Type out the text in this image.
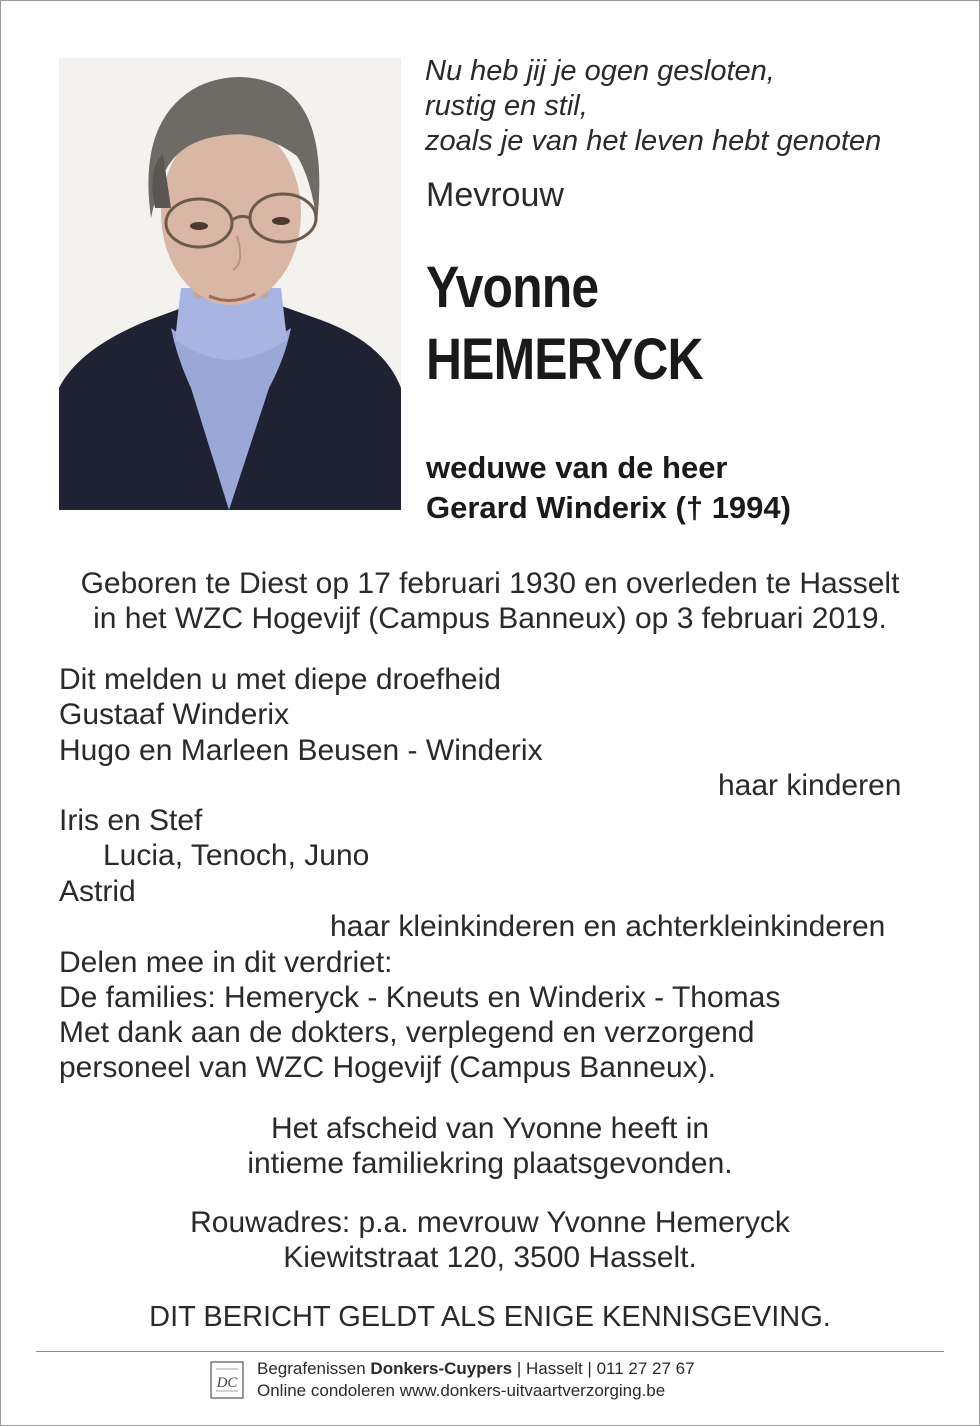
Nu heb jij je ogen gesloten,
rustig en stil,
zoals je van het leven hebt genoten
Mevrouw
Yvonne
HEMERYCK
weduwe van de heer
Gerard Winderix († 1994)
Geboren te Diest op 17 februari 1930 en overleden te Hasselt
in het WZC Hogevijf (Campus Banneux) op 3 februari 2019.
Dit melden u met diepe droefheid
Gustaaf Winderix
Hugo en Marleen Beusen - Winderix
haar kinderen
Iris en Stef
Lucia, Tenoch, Juno
Astrid
haar kleinkinderen en achterkleinkinderen
Delen mee in dit verdriet:
De families: Hemeryck - Kneuts en Winderix - Thomas
Met dank aan de dokters, verplegend en verzorgend
personeel van WZC Hogevijf (Campus Banneux).
Het afscheid van Yvonne heeft in
intieme familiekring plaatsgevonden.
Rouwadres: p.a. mevrouw Yvonne Hemeryck
Kiewitstraat 120, 3500 Hasselt.
DIT BERICHT GELDT ALS ENIGE KENNISGEVING.
DC
Begrafenissen Donkers-Cuypers | Hasselt | 011 27 27 67
Online condoleren www.donkers-uitvaartverzorging.be
